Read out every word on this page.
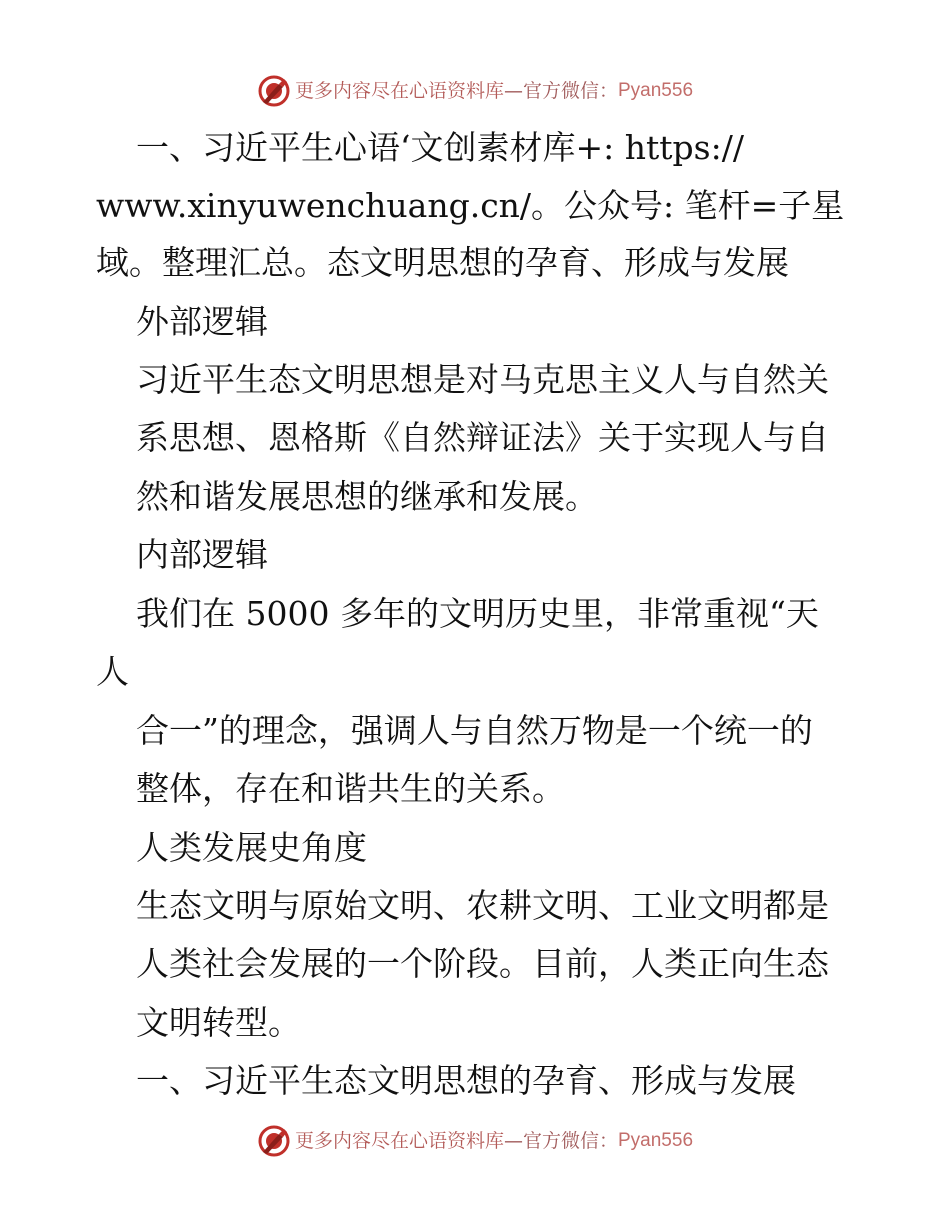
更多内容尽在心语资料库 —官方微信： Pyan556
一、习近平生心语‘文创素材库+: https://
www.xinyuwenchuang.cn/。公众号: 笔杆=子星
域。整理汇总。态文明思想的孕育、形成与发展
外部逻辑
习近平生态文明思想是对马克思主义人与自然关
系思想、恩格斯《自然辩证法》关于实现人与自
然和谐发展思想的继承和发展。
内部逻辑
我们在 5000 多年的文明历史里，非常重视“天
人
合一”的理念，强调人与自然万物是一个统一的
整体，存在和谐共生的关系。
人类发展史角度
生态文明与原始文明、农耕文明、工业文明都是
人类社会发展的一个阶段。目前，人类正向生态
文明转型。
一、习近平生态文明思想的孕育、形成与发展
更多内容尽在心语资料库 —官方微信： Pyan556
